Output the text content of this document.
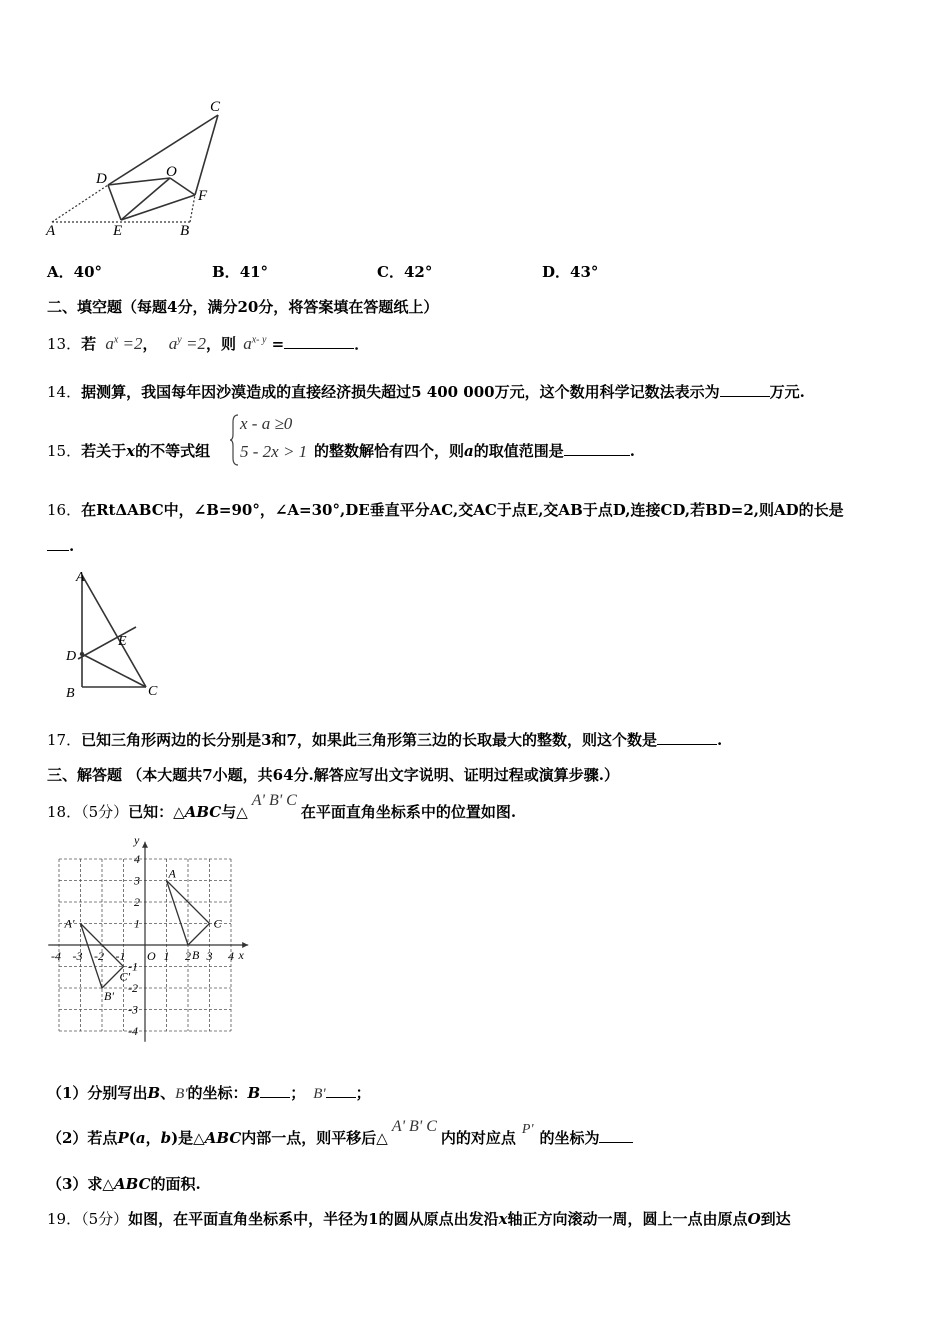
C
D	O
F
A	E	B
A．40°	B．41°	C．42°	D．43°
二、填空题（每题4分，满分20分，将答案填在答题纸上）
13．若 $a^x =2$， $a^y =2$，则 $a^{x- y}$ =	．
14．据测算，我国每年因沙漠造成的直接经济损失超过5 400 000万元，这个数用科学记数法表示为	万元.
15．若关于x的不等式组
x - a ≥0
5 - 2x > 1 的整数解恰有四个，则a的取值范围是	.
16．在RtΔABC中，∠B=90°，∠A=30°,DE垂直平分AC,交AC于点E,交AB于点D,连接CD,若BD=2,则AD的长是
.
A
D
E
B	C
17．已知三角形两边的长分别是3和7，如果此三角形第三边的长取最大的整数，则这个数是	.
三、解答题 （本大题共7小题，共64分.解答应写出文字说明、证明过程或演算步骤.）
18．（5分）已知：△ABC与△A' B' C在平面直角坐标系中的位置如图.
-4 -3 -2 -1 O 1 2 3 4
4
3
2
1
-1
-2
-3
-4
x
y
A
B
C
A'
B'
C'
（1）分别写出B、B'的坐标：B ； B' ；
（2）若点P(a，b)是△ABC内部一点，则平移后△A' B' C内的对应点 P' 的坐标为
（3）求△ABC的面积.
19．（5分）如图，在平面直角坐标系中，半径为1的圆从原点出发沿x轴正方向滚动一周，圆上一点由原点O到达
